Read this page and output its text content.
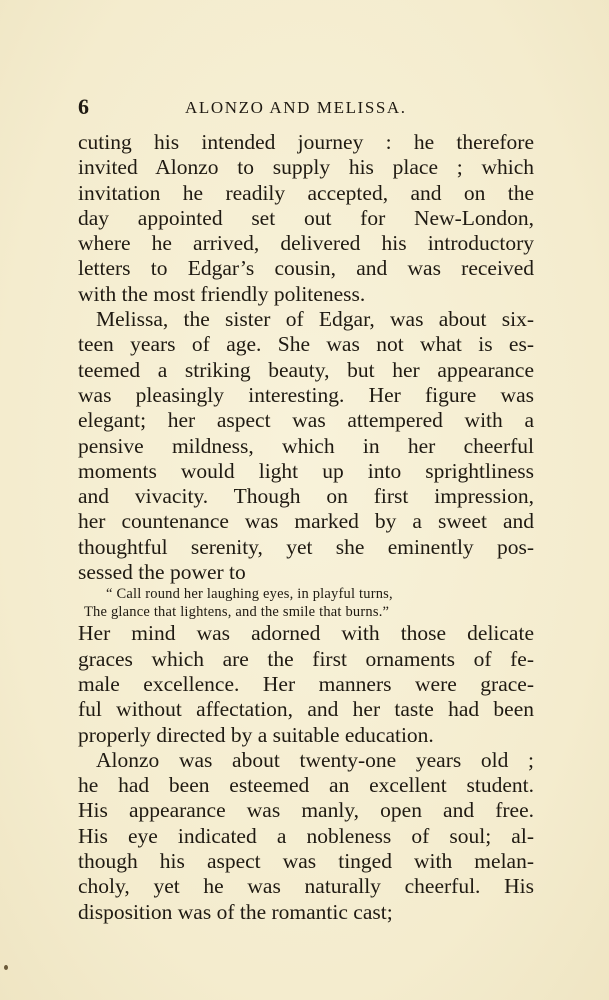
6	ALONZO AND MELISSA.
cuting his intended journey : he therefore
invited Alonzo to supply his place ; which
invitation he readily accepted, and on the
day appointed set out for New-London,
where he arrived, delivered his introductory
letters to Edgar’s cousin, and was received
with the most friendly politeness.
Melissa, the sister of Edgar, was about six-
teen years of age. She was not what is es-
teemed a striking beauty, but her appearance
was pleasingly interesting. Her figure was
elegant; her aspect was attempered with a
pensive mildness, which in her cheerful
moments would light up into sprightliness
and vivacity. Though on first impression,
her countenance was marked by a sweet and
thoughtful serenity, yet she eminently pos-
sessed the power to
“ Call round her laughing eyes, in playful turns,
The glance that lightens, and the smile that burns.”
Her mind was adorned with those delicate
graces which are the first ornaments of fe-
male excellence. Her manners were grace-
ful without affectation, and her taste had been
properly directed by a suitable education.
Alonzo was about twenty-one years old ;
he had been esteemed an excellent student.
His appearance was manly, open and free.
His eye indicated a nobleness of soul; al-
though his aspect was tinged with melan-
choly, yet he was naturally cheerful. His
disposition was of the romantic cast;
